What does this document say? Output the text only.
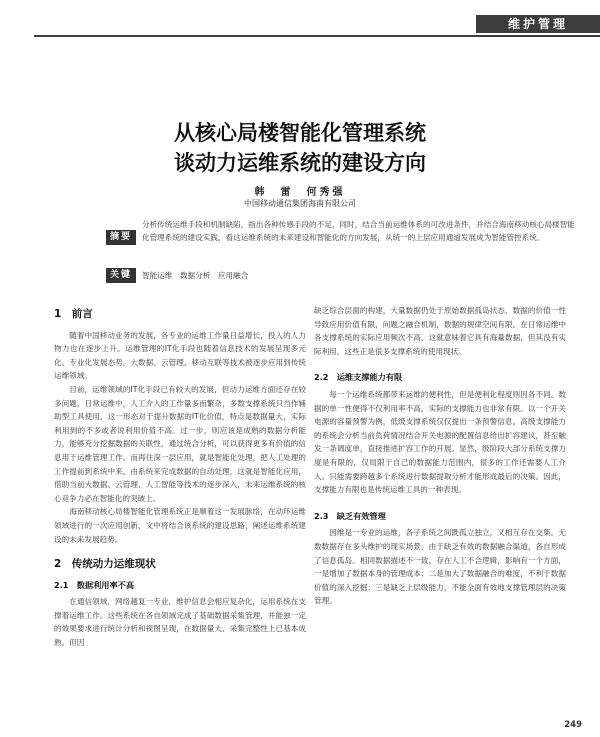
维护管理
从核心局楼智能化管理系统
谈动力运维系统的建设方向
韩　雷　何秀强
中国移动通信集团海南有限公司
摘要
分析传统运维手段和机制缺陷，指出各种传感手段的不足，同时，结合当前运维体系的可改进条件，并结合海南移动核心局楼智能化管理系统的建设实践，看这运维系统的未来建设和智能化的方向发展，从统一的上层应用通道发展成为智能管控系统。
关键词
智能运维　数据分析　应用融合
1　前言

随着中国移动业务的发展，各专业的运维工作量日益增长，投入的人力物力也在逐步上升。运维管理的IT化手段也随着信息技术的发展呈现多元化、专业化发展态势。大数据、云管理、移动互联等技术被逐步应用到传统运维领域。

目前，运维领域的IT化手段已有较大的发展，但动力运维方面还存在较多问题，日常运维中，人工介入的工作量多而繁杂，多数支撑系统只当作辅助型工具使用，这一形态对于提升数据的IT化价值，特点是数据量大，实际利用到的不多或者说利用价值不高。过一步，则应该是成熟的数据分析能力，能够充分挖掘数据的关联性，通过统合分析，可以获得更多有价值的信息用于运维管理工作。而再往深一层应用，就是智能化处理，把人工处理的工作提前到系统中来，由系统来完成数据的自动处理，这就是智能化应用，借助当前大数据、云管理、人工智能等技术的逐步深入，未来运维系统的核心竞争力必在智能化的突破上。

海南移动核心局楼智能化管理系统正是顺着这一发展脉络，在动环运维领域进行的一次应用创新，文中将结合该系统的建设思路，阐述运维系统建设的未来发展趋势。

2　传统动力运维现状
2.1　数据利用率不高

在通信领域，网络越复一专业，维护信息会相应复杂化，运用系统在支撑着运维工作。这些系统在各自领域完成了基础数据采集管理，并能独一定的效果要求进行统计分析和视图呈现，在数据量大、采集完整性上已基本成熟。但因

缺乏综合层面的构建，大量数据仍处于原始数据孤岛状态，数据的价值一性导致应用价值有限，问题之融合机制，数据的规律空间有限。在日常运维中各支撑系统的实际应用频次不高，这就意味着它具有海量数据，但其没有实际利用，这些正是很多支撑系统的使用现状。

2.2　运维支撑能力有限

每一个运维系统都带来运维的便利性，但是便利化程度则因各不同。数据的单一性便得不仅利用率不高，实际的支撑能力也非常有限。以一个开关电源的容量预警为例，低级支撑系统仅仅提出一条预警信息，高级支撑能力的系统会分析当前负荷情况结合开关电源的配置信息给出扩容建议，甚至触发一条调度单，直接推进扩容工作的开展。显然，级阶段大部分系统支撑力度是有限的，仅局限于自己的数据能力范围内，很多的工作还需要人工介入。只能需要跨越多个系统进行数据提取分析才能形成最后的决策。因此，支撑能力有限也是传统运维工具的一种表现。

2.3　缺乏有效管理

因维是一专业的运维，各子系统之间既孤立独立，又相互存在交集。无数数据存在多头维护的现实场景，由于缺乏有效的数据融合渠道，各自形成了信息孤岛。相同数据描述不一致，存在人工不合逻辑，影响有一个方面，一是增加了数据本身的管理成本；二是加大了数据融合的难度，不利于数据价值的深入挖掘；三是缺乏上层级能力，不能全面有效地支撑管理层的决策管理。

249
